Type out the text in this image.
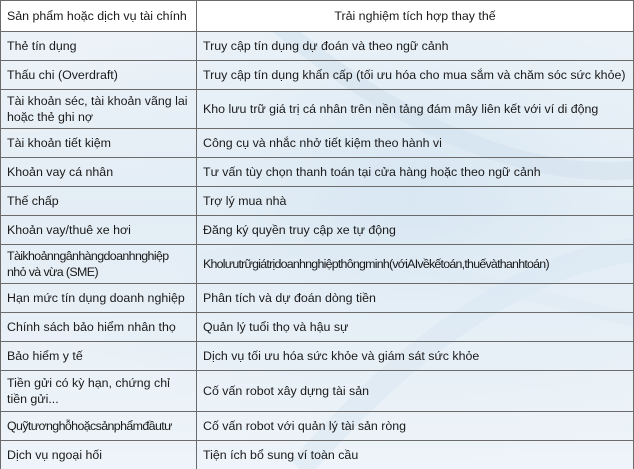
Sản phẩm hoặc dịch vụ tài chính	Trải nghiệm tích hợp thay thế
Thẻ tín dụng	Truy cập tín dụng dự đoán và theo ngữ cảnh
Thấu chi (Overdraft)	Truy cập tín dụng khẩn cấp (tối ưu hóa cho mua sắm và chăm sóc sức khỏe)
Tài khoản séc, tài khoản vãng lai hoặc thẻ ghi nợ	Kho lưu trữ giá trị cá nhân trên nền tảng đám mây liên kết với ví di động
Tài khoản tiết kiệm	Công cụ và nhắc nhở tiết kiệm theo hành vi
Khoản vay cá nhân	Tư vấn tùy chọn thanh toán tại cửa hàng hoặc theo ngữ cảnh
Thế chấp	Trợ lý mua nhà
Khoản vay/thuê xe hơi	Đăng ký quyền truy cập xe tự động
Tàikhoảnngânhàngdoanhnghiệp nhỏ và vừa (SME)	Kholưutrữgiátrịdoanhnghiệpthôngminh(vớiAIvềkếtoán,thuếvàthanhtoán)
Hạn mức tín dụng doanh nghiệp	Phân tích và dự đoán dòng tiền
Chính sách bảo hiểm nhân thọ	Quản lý tuổi thọ và hậu sự
Bảo hiểm y tế	Dịch vụ tối ưu hóa sức khỏe và giám sát sức khỏe
Tiền gửi có kỳ hạn, chứng chỉ tiền gửi...	Cố vấn robot xây dựng tài sản
Quỹtươnghỗhoặcsảnphẩmđầutư	Cố vấn robot với quản lý tài sản ròng
Dịch vụ ngoại hối	Tiện ích bổ sung ví toàn cầu
